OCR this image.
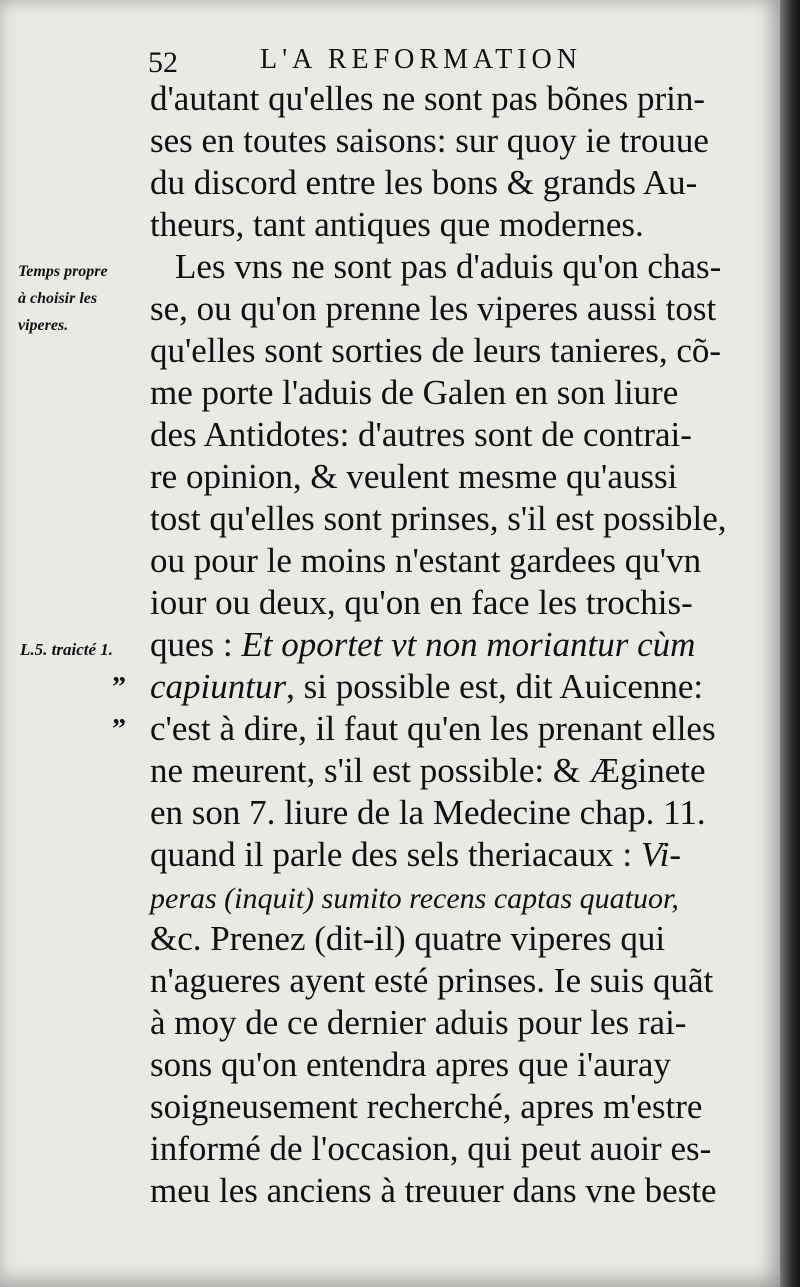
52	L'A REFORMATION
Temps propre
à choisir les
viperes.
L.5. traicté 1.
”
”
d'autant qu'elles ne sont pas bõnes prin-
ses en toutes saisons: sur quoy ie trouue
du discord entre les bons & grands Au-
theurs, tant antiques que modernes.
Les vns ne sont pas d'aduis qu'on chas-
se, ou qu'on prenne les viperes aussi tost
qu'elles sont sorties de leurs tanieres, cõ-
me porte l'aduis de Galen en son liure
des Antidotes: d'autres sont de contrai-
re opinion, & veulent mesme qu'aussi
tost qu'elles sont prinses, s'il est possible,
ou pour le moins n'estant gardees qu'vn
iour ou deux, qu'on en face les trochis-
ques : Et oportet vt non moriantur cùm
capiuntur, si possible est, dit Auicenne:
c'est à dire, il faut qu'en les prenant elles
ne meurent, s'il est possible: & Æginete
en son 7. liure de la Medecine chap. 11.
quand il parle des sels theriacaux : Vi-
peras (inquit) sumito recens captas quatuor,
&c. Prenez (dit-il) quatre viperes qui
n'agueres ayent esté prinses. Ie suis quãt
à moy de ce dernier aduis pour les rai-
sons qu'on entendra apres que i'auray
soigneusement recherché, apres m'estre
informé de l'occasion, qui peut auoir es-
meu les anciens à treuuer dans vne beste
